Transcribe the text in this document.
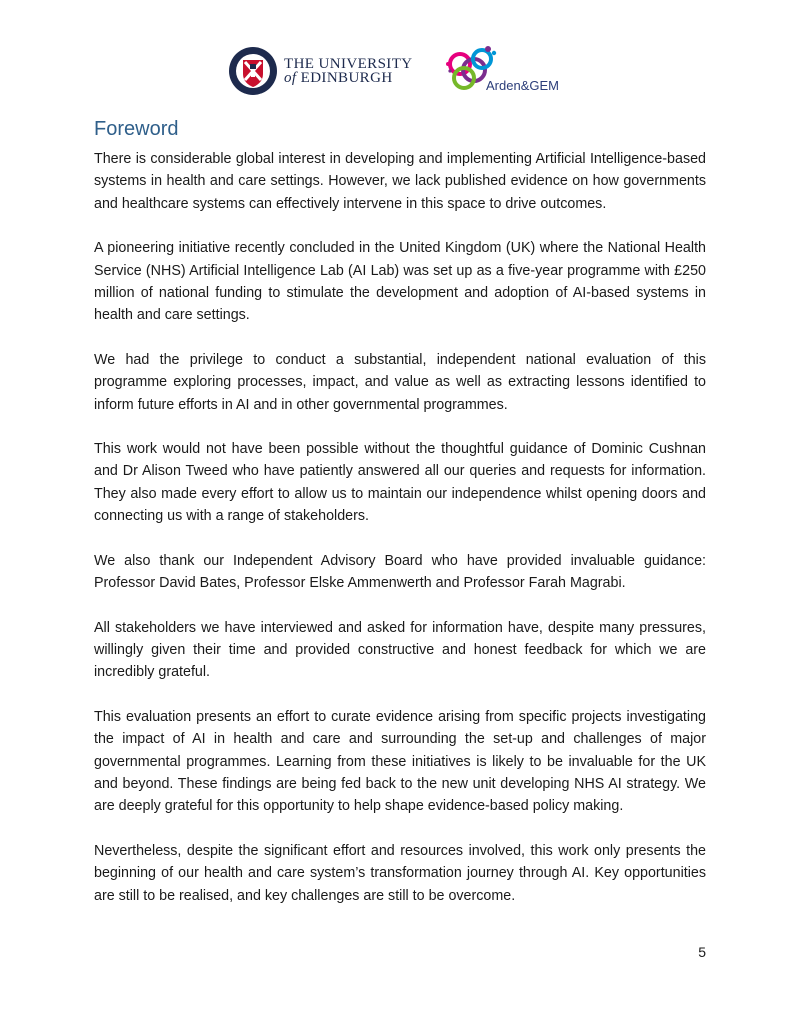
THE UNIVERSITY
of EDINBURGH	Arden&GEM
Foreword

There is considerable global interest in developing and implementing Artificial Intelligence-based systems in health and care settings. However, we lack published evidence on how governments and healthcare systems can effectively intervene in this space to drive outcomes.

A pioneering initiative recently concluded in the United Kingdom (UK) where the National Health Service (NHS) Artificial Intelligence Lab (AI Lab) was set up as a five-year programme with £250 million of national funding to stimulate the development and adoption of AI-based systems in health and care settings.

We had the privilege to conduct a substantial, independent national evaluation of this programme exploring processes, impact, and value as well as extracting lessons identified to inform future efforts in AI and in other governmental programmes.

This work would not have been possible without the thoughtful guidance of Dominic Cushnan and Dr Alison Tweed who have patiently answered all our queries and requests for information. They also made every effort to allow us to maintain our independence whilst opening doors and connecting us with a range of stakeholders.

We also thank our Independent Advisory Board who have provided invaluable guidance: Professor David Bates, Professor Elske Ammenwerth and Professor Farah Magrabi.

All stakeholders we have interviewed and asked for information have, despite many pressures, willingly given their time and provided constructive and honest feedback for which we are incredibly grateful.

This evaluation presents an effort to curate evidence arising from specific projects investigating the impact of AI in health and care and surrounding the set-up and challenges of major governmental programmes. Learning from these initiatives is likely to be invaluable for the UK and beyond. These findings are being fed back to the new unit developing NHS AI strategy. We are deeply grateful for this opportunity to help shape evidence-based policy making.

Nevertheless, despite the significant effort and resources involved, this work only presents the beginning of our health and care system’s transformation journey through AI. Key opportunities are still to be realised, and key challenges are still to be overcome.

5
